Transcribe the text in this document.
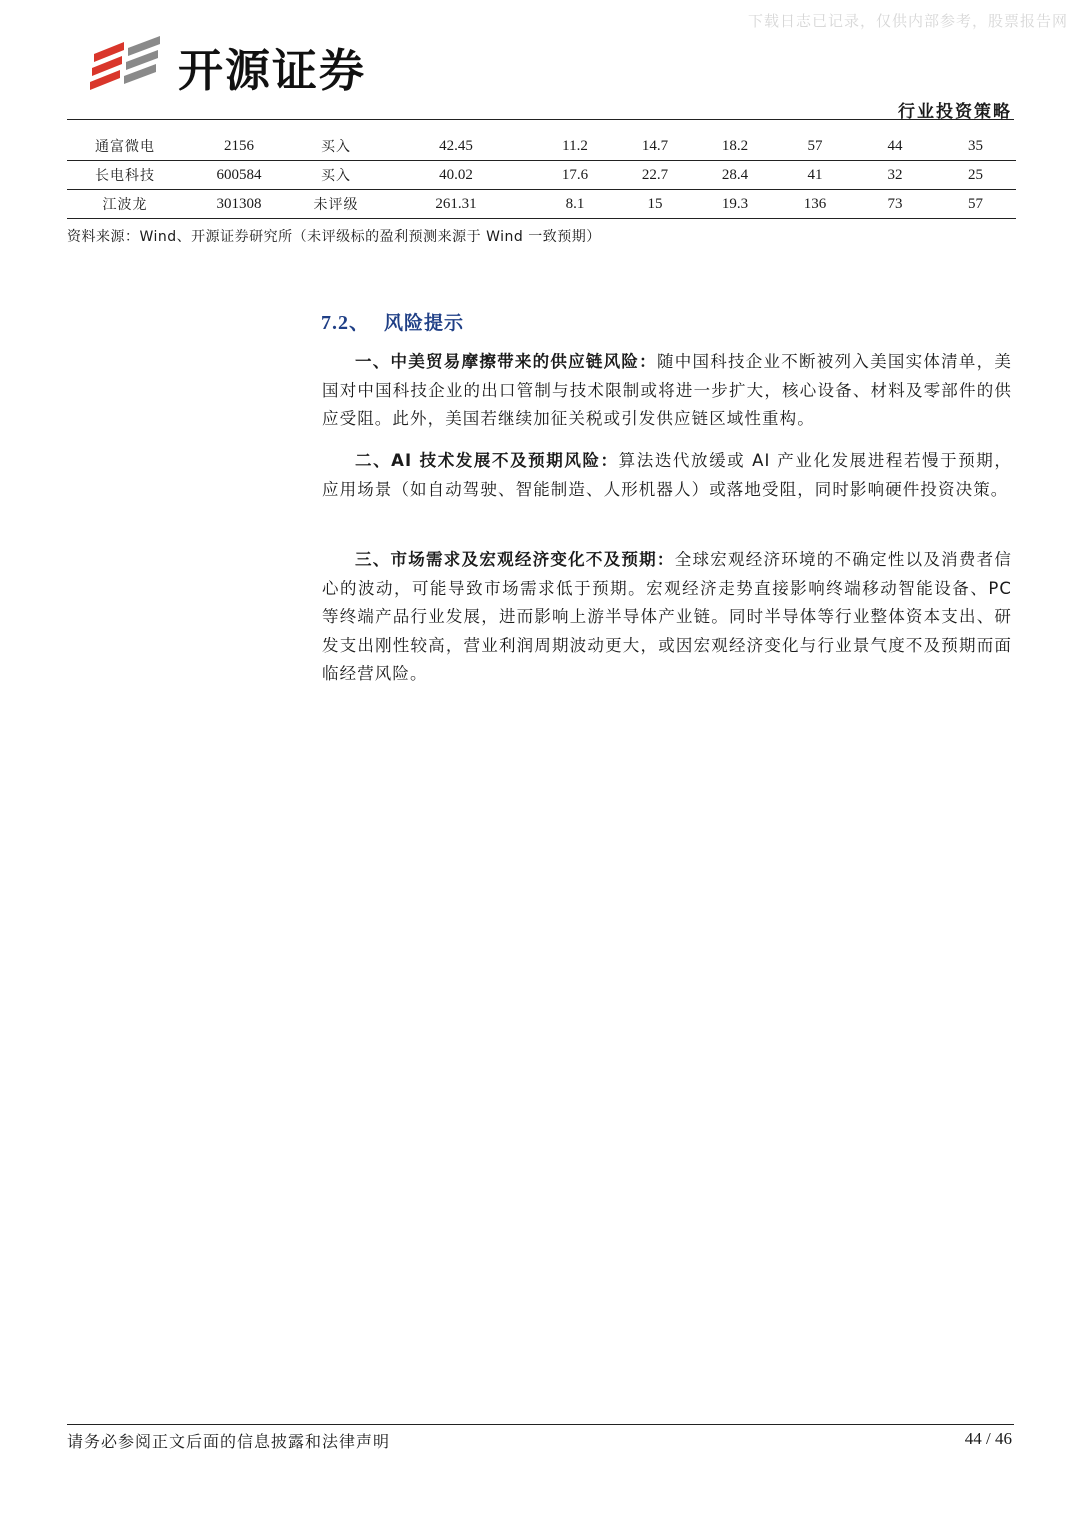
下载日志已记录，仅供内部参考，股票报告网
开源证券
行业投资策略
通富微电	2156	买入	42.45	11.2	14.7	18.2	57	44	35
长电科技	600584	买入	40.02	17.6	22.7	28.4	41	32	25
江波龙	301308	未评级	261.31	8.1	15	19.3	136	73	57
资料来源：Wind、开源证券研究所（未评级标的盈利预测来源于 Wind 一致预期）
7.2、 风险提示

一、中美贸易摩擦带来的供应链风险：随中国科技企业不断被列入美国实体清单，美国对中国科技企业的出口管制与技术限制或将进一步扩大，核心设备、材料及零部件的供应受阻。此外，美国若继续加征关税或引发供应链区域性重构。

二、AI 技术发展不及预期风险：算法迭代放缓或 AI 产业化发展进程若慢于预期，应用场景（如自动驾驶、智能制造、人形机器人）或落地受阻，同时影响硬件投资决策。

三、市场需求及宏观经济变化不及预期：全球宏观经济环境的不确定性以及消费者信心的波动，可能导致市场需求低于预期。宏观经济走势直接影响终端移动智能设备、PC 等终端产品行业发展，进而影响上游半导体产业链。同时半导体等行业整体资本支出、研发支出刚性较高，营业利润周期波动更大，或因宏观经济变化与行业景气度不及预期而面临经营风险。

请务必参阅正文后面的信息披露和法律声明	44 / 46
